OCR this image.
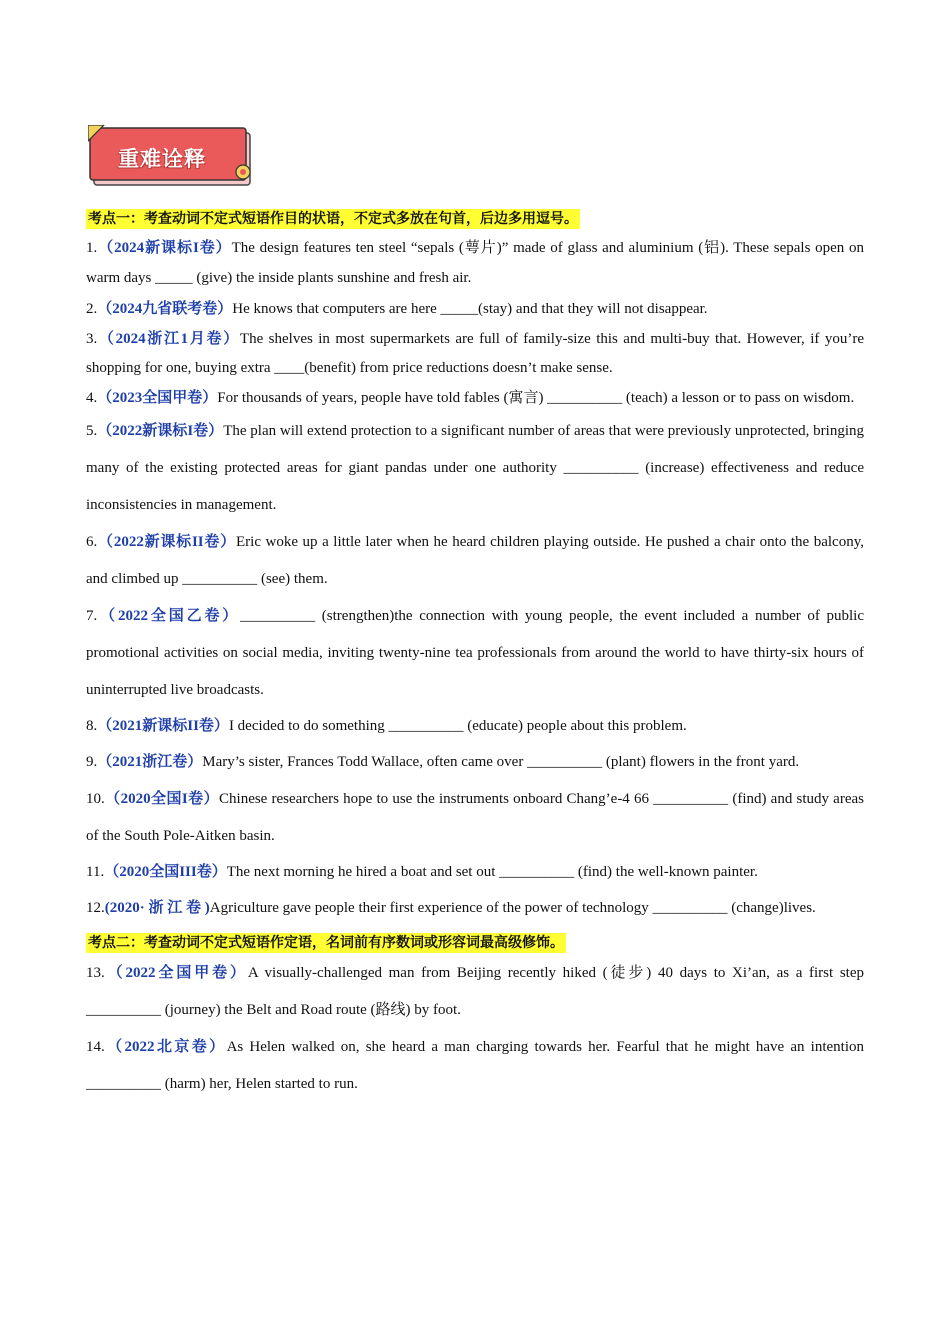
重难诠释
考点一：考查动词不定式短语作目的状语，不定式多放在句首，后边多用逗号。

1.（2024新课标I卷）The design features ten steel “sepals (萼片)” made of glass and aluminium (铝). These sepals open on warm days _____ (give) the inside plants sunshine and fresh air.

2.（2024九省联考卷）He knows that computers are here _____(stay) and that they will not disappear.

3.（2024浙江1月卷）The shelves in most supermarkets are full of family-size this and multi-buy that. However, if you’re shopping for one, buying extra ____(benefit) from price reductions doesn’t make sense.

4.（2023全国甲卷）For thousands of years, people have told fables (寓言) __________ (teach) a lesson or to pass on wisdom.

5.（2022新课标I卷）The plan will extend protection to a significant number of areas that were previously unprotected, bringing many of the existing protected areas for giant pandas under one authority __________ (increase) effectiveness and reduce inconsistencies in management.

6.（2022新课标II卷）Eric woke up a little later when he heard children playing outside. He pushed a chair onto the balcony, and climbed up __________ (see) them.

7.（2022全国乙卷）__________ (strengthen)the connection with young people, the event included a number of public promotional activities on social media, inviting twenty-nine tea professionals from around the world to have thirty-six hours of uninterrupted live broadcasts.

8.（2021新课标II卷）I decided to do something __________ (educate) people about this problem.

9.（2021浙江卷）Mary’s sister, Frances Todd Wallace, often came over __________ (plant) flowers in the front yard.

10.（2020全国I卷）Chinese researchers hope to use the instruments onboard Chang’e-4 66 __________ (find) and study areas of the South Pole-Aitken basin.

11.（2020全国III卷）The next morning he hired a boat and set out __________ (find) the well-known painter.

12.(2020· 浙 江 卷 )Agriculture gave people their first experience of the power of technology __________ (change)lives.

考点二：考查动词不定式短语作定语，名词前有序数词或形容词最高级修饰。

13.（2022全国甲卷）A visually-challenged man from Beijing recently hiked (徒步) 40 days to Xi’an, as a first step __________ (journey) the Belt and Road route (路线) by foot.

14.（2022北京卷）As Helen walked on, she heard a man charging towards her. Fearful that he might have an intention __________ (harm) her, Helen started to run.
